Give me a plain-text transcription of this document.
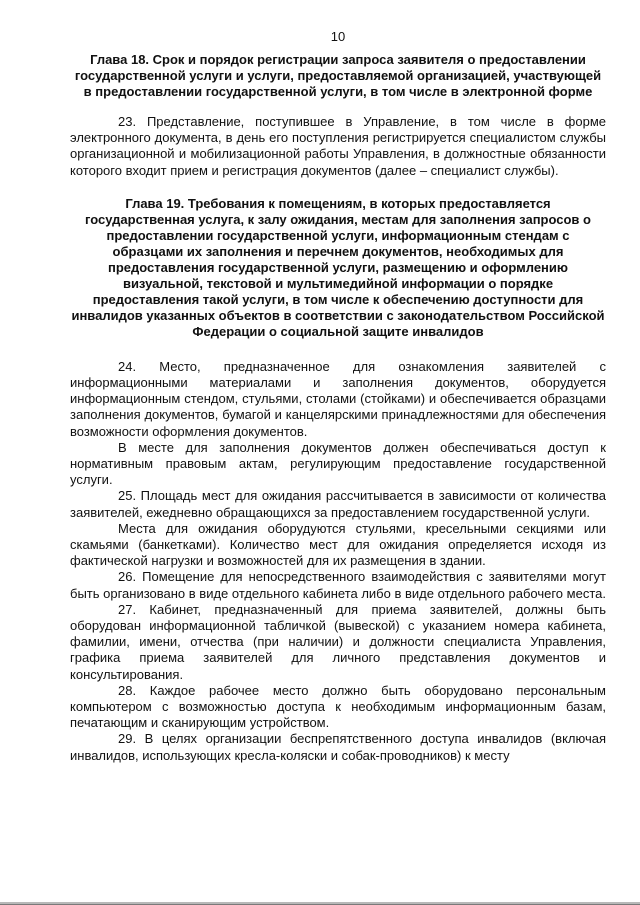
10
Глава 18. Срок и порядок регистрации запроса заявителя о предоставлении государственной услуги и услуги, предоставляемой организацией, участвующей в предоставлении государственной услуги, в том числе в электронной форме

23. Представление, поступившее в Управление, в том числе в форме электронного документа, в день его поступления регистрируется специалистом службы организационной и мобилизационной работы Управления, в должностные обязанности которого входит прием и регистрация документов (далее – специалист службы).

Глава 19. Требования к помещениям, в которых предоставляется государственная услуга, к залу ожидания, местам для заполнения запросов о предоставлении государственной услуги, информационным стендам с образцами их заполнения и перечнем документов, необходимых для предоставления государственной услуги, размещению и оформлению визуальной, текстовой и мультимедийной информации о порядке предоставления такой услуги, в том числе к обеспечению доступности для инвалидов указанных объектов в соответствии с законодательством Российской Федерации о социальной защите инвалидов

24. Место, предназначенное для ознакомления заявителей с информационными материалами и заполнения документов, оборудуется информационным стендом, стульями, столами (стойками) и обеспечивается образцами заполнения документов, бумагой и канцелярскими принадлежностями для обеспечения возможности оформления документов.

В месте для заполнения документов должен обеспечиваться доступ к нормативным правовым актам, регулирующим предоставление государственной услуги.

25. Площадь мест для ожидания рассчитывается в зависимости от количества заявителей, ежедневно обращающихся за предоставлением государственной услуги.

Места для ожидания оборудуются стульями, кресельными секциями или скамьями (банкетками). Количество мест для ожидания определяется исходя из фактической нагрузки и возможностей для их размещения в здании.

26. Помещение для непосредственного взаимодействия с заявителями могут быть организовано в виде отдельного кабинета либо в виде отдельного рабочего места.

27. Кабинет, предназначенный для приема заявителей, должны быть оборудован информационной табличкой (вывеской) с указанием номера кабинета, фамилии, имени, отчества (при наличии) и должности специалиста Управления, графика приема заявителей для личного представления документов и консультирования.

28. Каждое рабочее место должно быть оборудовано персональным компьютером с возможностью доступа к необходимым информационным базам, печатающим и сканирующим устройством.

29. В целях организации беспрепятственного доступа инвалидов (включая инвалидов, использующих кресла-коляски и собак-проводников) к месту
